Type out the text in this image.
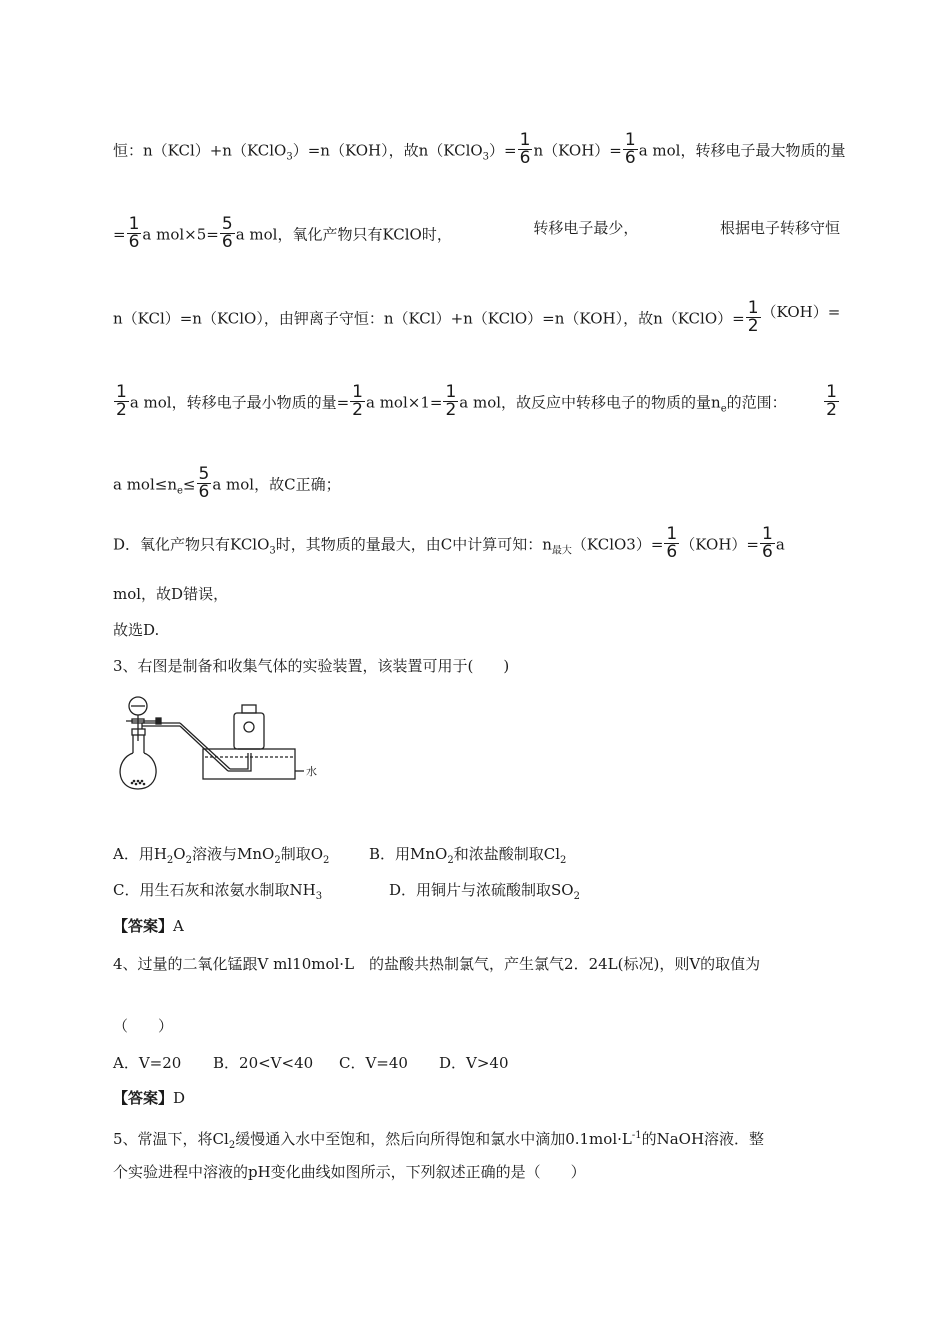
恒：n（KCl）+n（KClO$_3$）=n（KOH），故n（KClO$_3$）= $\frac{1}{6} n(KOH)= \frac{1}{6}$ a mol，转移电子最大物质的量
= $\frac{1}{6}$ a $mol\times 5= \frac{5}{6}$ a mol，氧化产物只有KClO时，	转移电子最少，	根据电子转移守恒
n（KCl）=n（KClO），由钾离子守恒：n（KCl）+n（KClO）=n（KOH），故n（KClO）= $\frac{1}{2} (KOH)=$
$\frac{1}{2}$ a mol，转移电子最小物质的量= $\frac{1}{2}$ a $mol\times 1= \frac{1}{2}$ a mol，故反应中转移电子的物质的量$n_e$的范围： $\frac{1}{2}$
a $mol\le n_e\le \frac{5}{6}$ a mol，故C正确；
D．氧化产物只有KClO$_3$时，其物质的量最大，由C中计算可知：$n_{最大}(KClO3)= \frac{1}{6} (KOH)= \frac{1}{6}$ a
mol，故D错误，
故选D.
3、右图是制备和收集气体的实验装置，该装置可用于(　　)
水
A．用$H_2O_2$溶液与MnO$_2$制取$O_2$	B．用MnO$_2$和浓盐酸制取$Cl_2$
C．用生石灰和浓氨水制取$NH_3$	D．用铜片与浓硫酸制取$SO_2$
【答案】A
4、过量的二氧化锰跟V ml10mol·L　的盐酸共热制氯气，产生氯气2．24L(标况)，则V的取值为
（　　）
A．V=20 B．20<V<40 C．V=40 D．V>40
【答案】D
5、常温下，将$Cl_2$缓慢通入水中至饱和，然后向所得饱和氯水中滴加$0.1mol\cdot L^{-1}$的NaOH溶液．整
个实验进程中溶液的pH变化曲线如图所示，下列叙述正确的是（　　）
